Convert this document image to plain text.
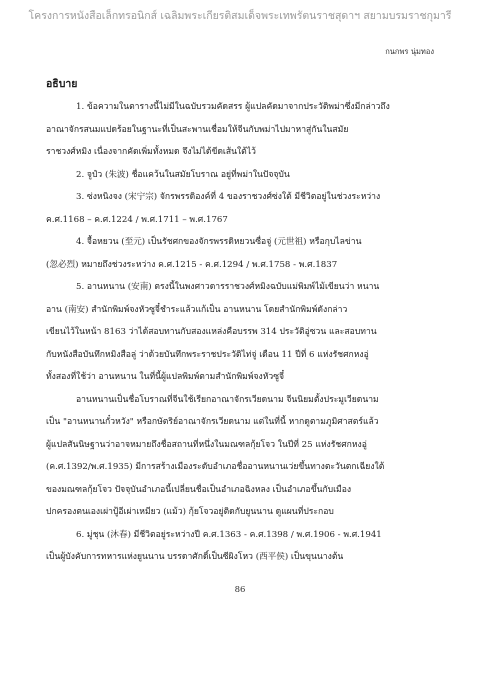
โครงการหนังสือเล็กทรอนิกส์ เฉลิมพระเกียรติสมเด็จพระเทพรัตนราชสุดาฯ สยามบรมราชกุมารี
กนกพร นุ่มทอง
อธิบาย
1. ข้อความในตารางนี้ไม่มีในฉบับรวมคัดสรร ผู้แปลคัดมาจากประวัติพม่าซึ่งมีกล่าวถึง
อาณาจักรสนมแปดร้อยในฐานะที่เป็นสะพานเชื่อมให้จีนกับพม่าไปมาหาสู่กันในสมัย
ราชวงศ์หมิง เนื่องจากคัดเพิ่มทั้งหมด จึงไม่ได้ขีดเส้นใต้ไว้
2. จูป๋ว (朱波) ชื่อแคว้นในสมัยโบราณ อยู่ที่พม่าในปัจจุบัน
3. ซ่งหนิงจง (宋宁宗) จักรพรรดิองค์ที่ 4 ของราชวงศ์ซ่งใต้ มีชีวิตอยู่ในช่วงระหว่าง
ค.ศ.1168 – ค.ศ.1224 / พ.ศ.1711 – พ.ศ.1767
4. จื้อหยวน (至元) เป็นรัชศกของจักรพรรดิหยวนซื่อจู่ (元世祖) หรือกุบไลข่าน
(忽必烈) หมายถึงช่วงระหว่าง ค.ศ.1215 - ค.ศ.1294 / พ.ศ.1758 - พ.ศ.1837
5. อานหนาน (安南) ตรงนี้ในพงศาวดารราชวงศ์หมิงฉบับแม่พิมพ์ไม้เขียนว่า หนาน
อาน (南安) สำนักพิมพ์จงหัวซูจี๋ชำระแล้วแก้เป็น อานหนาน โดยสำนักพิมพ์ดังกล่าว
เขียนไว้ในหน้า 8163 ว่าได้สอบทานกับสองแหล่งคือบรรพ 314 ประวัติอู่ซวน และสอบทาน
กับหนังสือบันทึกหมิงสือลู่ ว่าด้วยบันทึกพระราชประวัติไท่จู่ เดือน 11 ปีที่ 6 แห่งรัชศกหงอู่
ทั้งสองที่ใช้ว่า อานหนาน ในที่นี้ผู้แปลพิมพ์ตามสำนักพิมพ์จงหัวซูจี๋
อานหนานเป็นชื่อโบราณที่จีนใช้เรียกอาณาจักรเวียดนาม จีนนิยมตั้งประมูเวียดนาม
เป็น "อานหนานกั๋วหวัง" หรือกษัตริย์อาณาจักรเวียดนาม แต่ในที่นี้ หากดูตามภูมิศาสตร์แล้ว
ผู้แปลสันนิษฐานว่าอาจหมายถึงชื่อสถานที่หนึ่งในมณฑลกุ้ยโจว ในปีที่ 25 แห่งรัชศกหงอู่
(ค.ศ.1392/พ.ศ.1935) มีการสร้างเมืองระดับอำเภอชื่ออานหนานเว่ยขึ้นทางตะวันตกเฉียงใต้
ของมณฑลกุ้ยโจว ปัจจุบันอำเภอนี้เปลี่ยนชื่อเป็นอำเภอฉิงหลง เป็นอำเภอขึ้นกับเมือง
ปกครองตนเองเผ่าปู้อีเผ่าเหมียว (แม้ว) กุ้ยโจวอยู่ติดกับยูนนาน ดูแผนที่ประกอบ
6. มู่ชุน (沐春) มีชีวิตอยู่ระหว่างปี ค.ศ.1363 - ค.ศ.1398 / พ.ศ.1906 - พ.ศ.1941
เป็นผู้บังคับการทหารแห่งยูนนาน บรรดาศักดิ์เป็นซีผิงโหว (西平侯) เป็นขุนนางต้น
86
